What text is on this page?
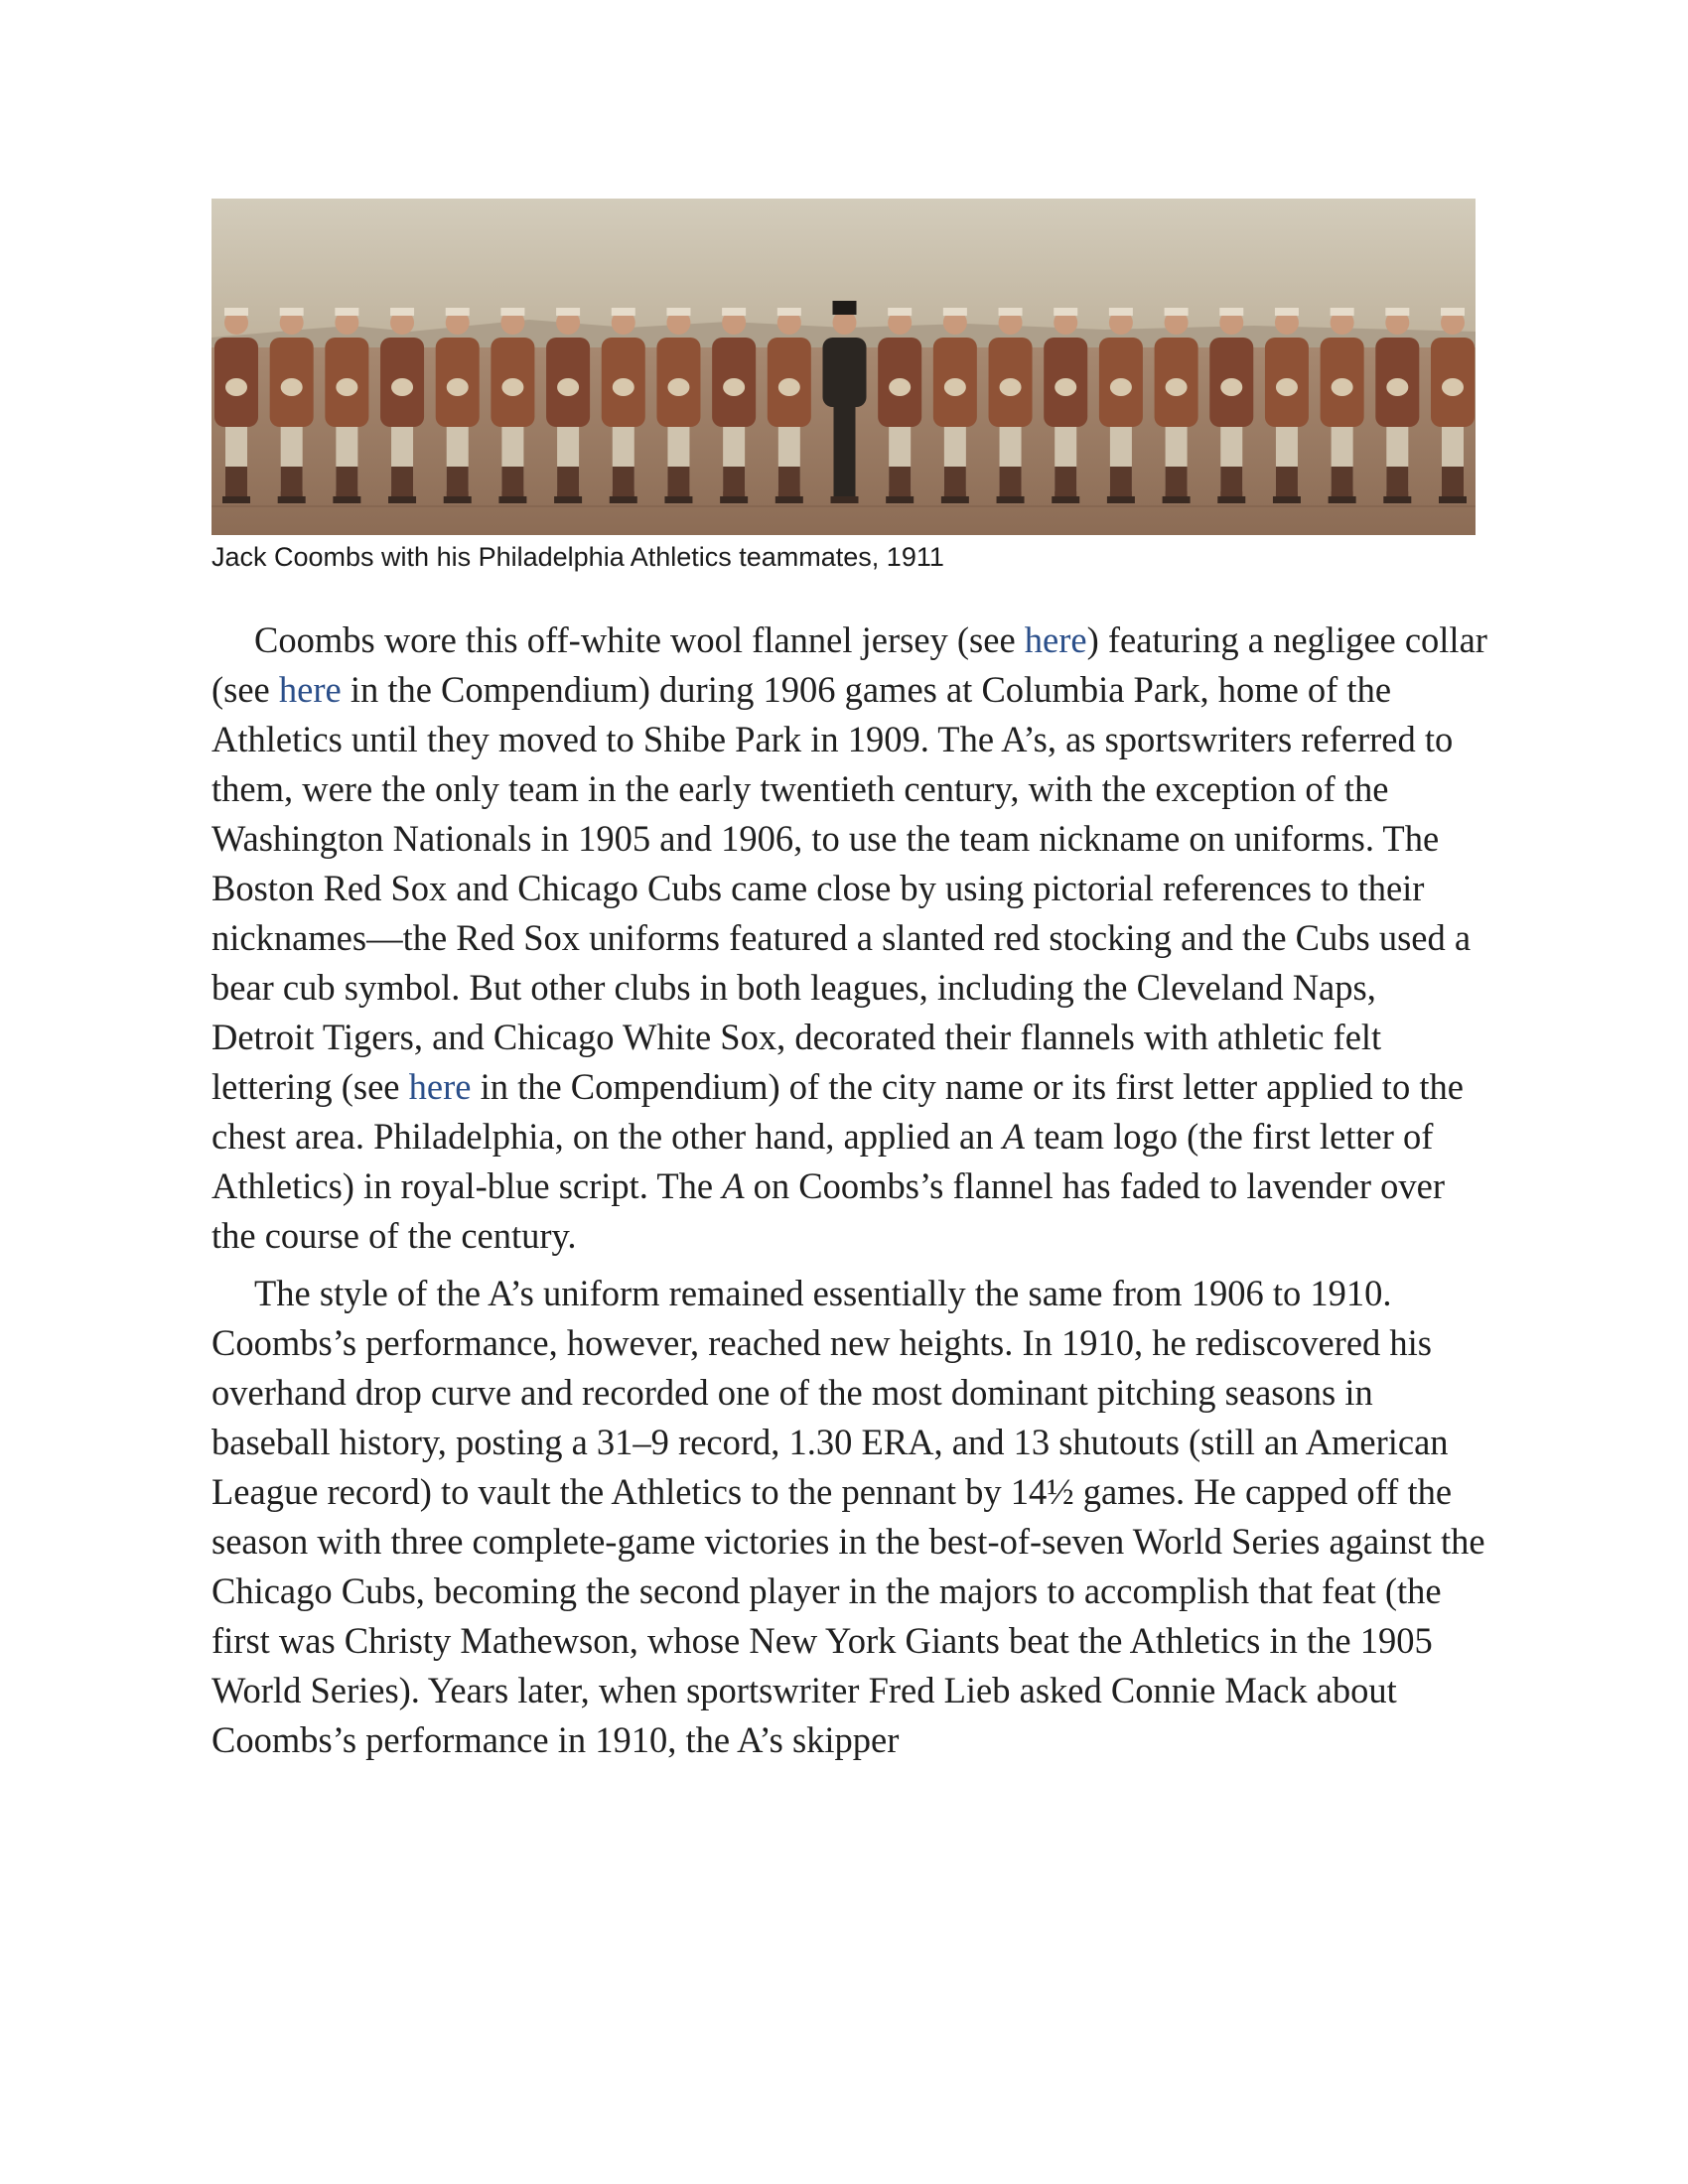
Jack Coombs with his Philadelphia Athletics teammates, 1911

Coombs wore this off-white wool flannel jersey (see here) featuring a negligee collar (see here in the Compendium) during 1906 games at Columbia Park, home of the Athletics until they moved to Shibe Park in 1909. The A’s, as sportswriters referred to them, were the only team in the early twentieth century, with the exception of the Washington Nationals in 1905 and 1906, to use the team nickname on uniforms. The Boston Red Sox and Chicago Cubs came close by using pictorial references to their nicknames—the Red Sox uniforms featured a slanted red stocking and the Cubs used a bear cub symbol. But other clubs in both leagues, including the Cleveland Naps, Detroit Tigers, and Chicago White Sox, decorated their flannels with athletic felt lettering (see here in the Compendium) of the city name or its first letter applied to the chest area. Philadelphia, on the other hand, applied an A team logo (the first letter of Athletics) in royal-blue script. The A on Coombs’s flannel has faded to lavender over the course of the century.

The style of the A’s uniform remained essentially the same from 1906 to 1910. Coombs’s performance, however, reached new heights. In 1910, he rediscovered his overhand drop curve and recorded one of the most dominant pitching seasons in baseball history, posting a 31–9 record, 1.30 ERA, and 13 shutouts (still an American League record) to vault the Athletics to the pennant by 14½ games. He capped off the season with three complete-game victories in the best-of-seven World Series against the Chicago Cubs, becoming the second player in the majors to accomplish that feat (the first was Christy Mathewson, whose New York Giants beat the Athletics in the 1905 World Series). Years later, when sportswriter Fred Lieb asked Connie Mack about Coombs’s performance in 1910, the A’s skipper
